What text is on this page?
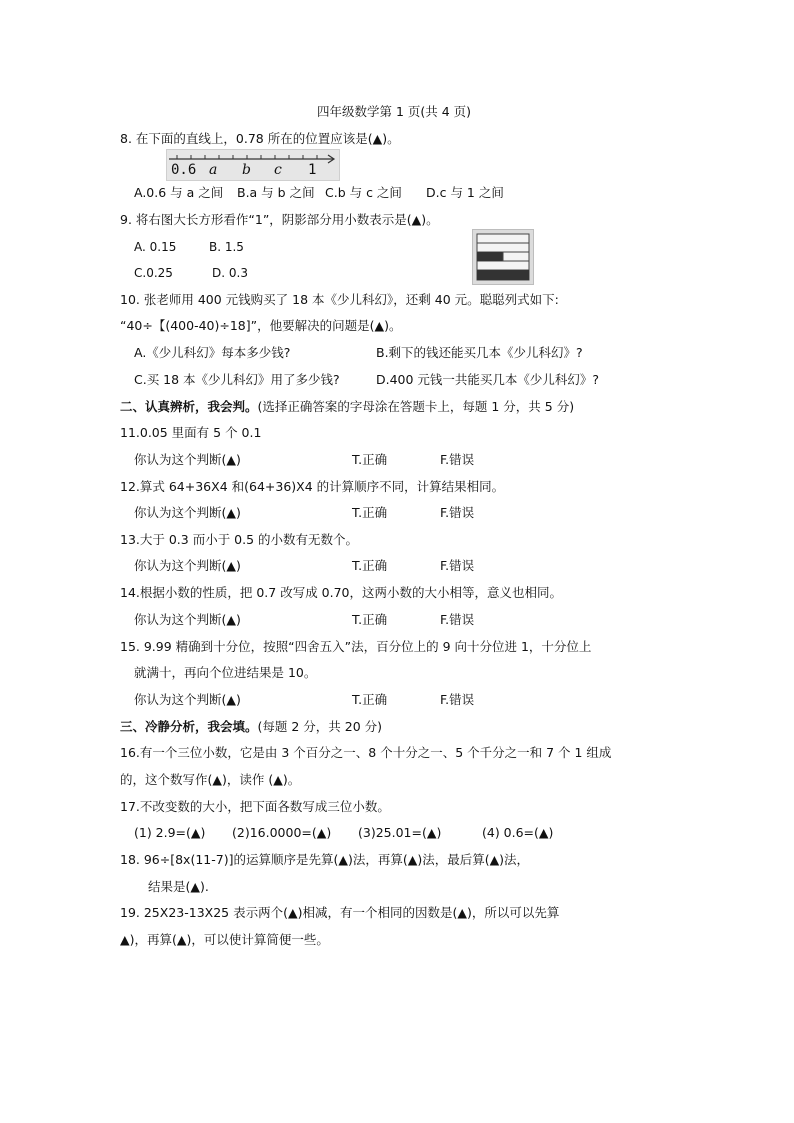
四年级数学第 1 页(共 4 页)
8. 在下面的直线上，0.78 所在的位置应该是(▲)。
0.6 a b c 1
A.0.6 与 a 之间 B.a 与 b 之间 C.b 与 c 之间 D.c 与 1 之间
9. 将右图大长方形看作“1”，阴影部分用小数表示是(▲)。
A. 0.15	B. 1.5
C.0.25	D. 0.3
10. 张老师用 400 元钱购买了 18 本《少儿科幻》，还剩 40 元。聪聪列式如下:
“40÷【(400-40)÷18]”，他要解决的问题是(▲)。
A.《少儿科幻》每本多少钱?	B.剩下的钱还能买几本《少儿科幻》?
C.买 18 本《少儿科幻》用了多少钱?	D.400 元钱一共能买几本《少儿科幻》?
二、认真辨析，我会判。(选择正确答案的字母涂在答题卡上，每题 1 分，共 5 分)
11.0.05 里面有 5 个 0.1
你认为这个判断(▲)	T.正确	F.错误
12.算式 64+36X4 和(64+36)X4 的计算顺序不同，计算结果相同。
你认为这个判断(▲)	T.正确	F.错误
13.大于 0.3 而小于 0.5 的小数有无数个。
你认为这个判断(▲)	T.正确	F.错误
14.根据小数的性质，把 0.7 改写成 0.70，这两小数的大小相等，意义也相同。
你认为这个判断(▲)	T.正确	F.错误
15. 9.99 精确到十分位，按照“四舍五入”法，百分位上的 9 向十分位进 1，十分位上
就满十，再向个位进结果是 10。
你认为这个判断(▲)	T.正确	F.错误
三、冷静分析，我会填。(每题 2 分，共 20 分)
16.有一个三位小数，它是由 3 个百分之一、8 个十分之一、5 个千分之一和 7 个 1 组成
的，这个数写作(▲)，读作 (▲)。
17.不改变数的大小，把下面各数写成三位小数。
(1) 2.9=(▲) (2)16.0000=(▲) (3)25.01=(▲)	(4) 0.6=(▲)
18. 96÷[8x(11-7)]的运算顺序是先算(▲)法，再算(▲)法，最后算(▲)法，
结果是(▲).
19. 25X23-13X25 表示两个(▲)相减，有一个相同的因数是(▲)，所以可以先算
▲)，再算(▲)，可以使计算简便一些。
